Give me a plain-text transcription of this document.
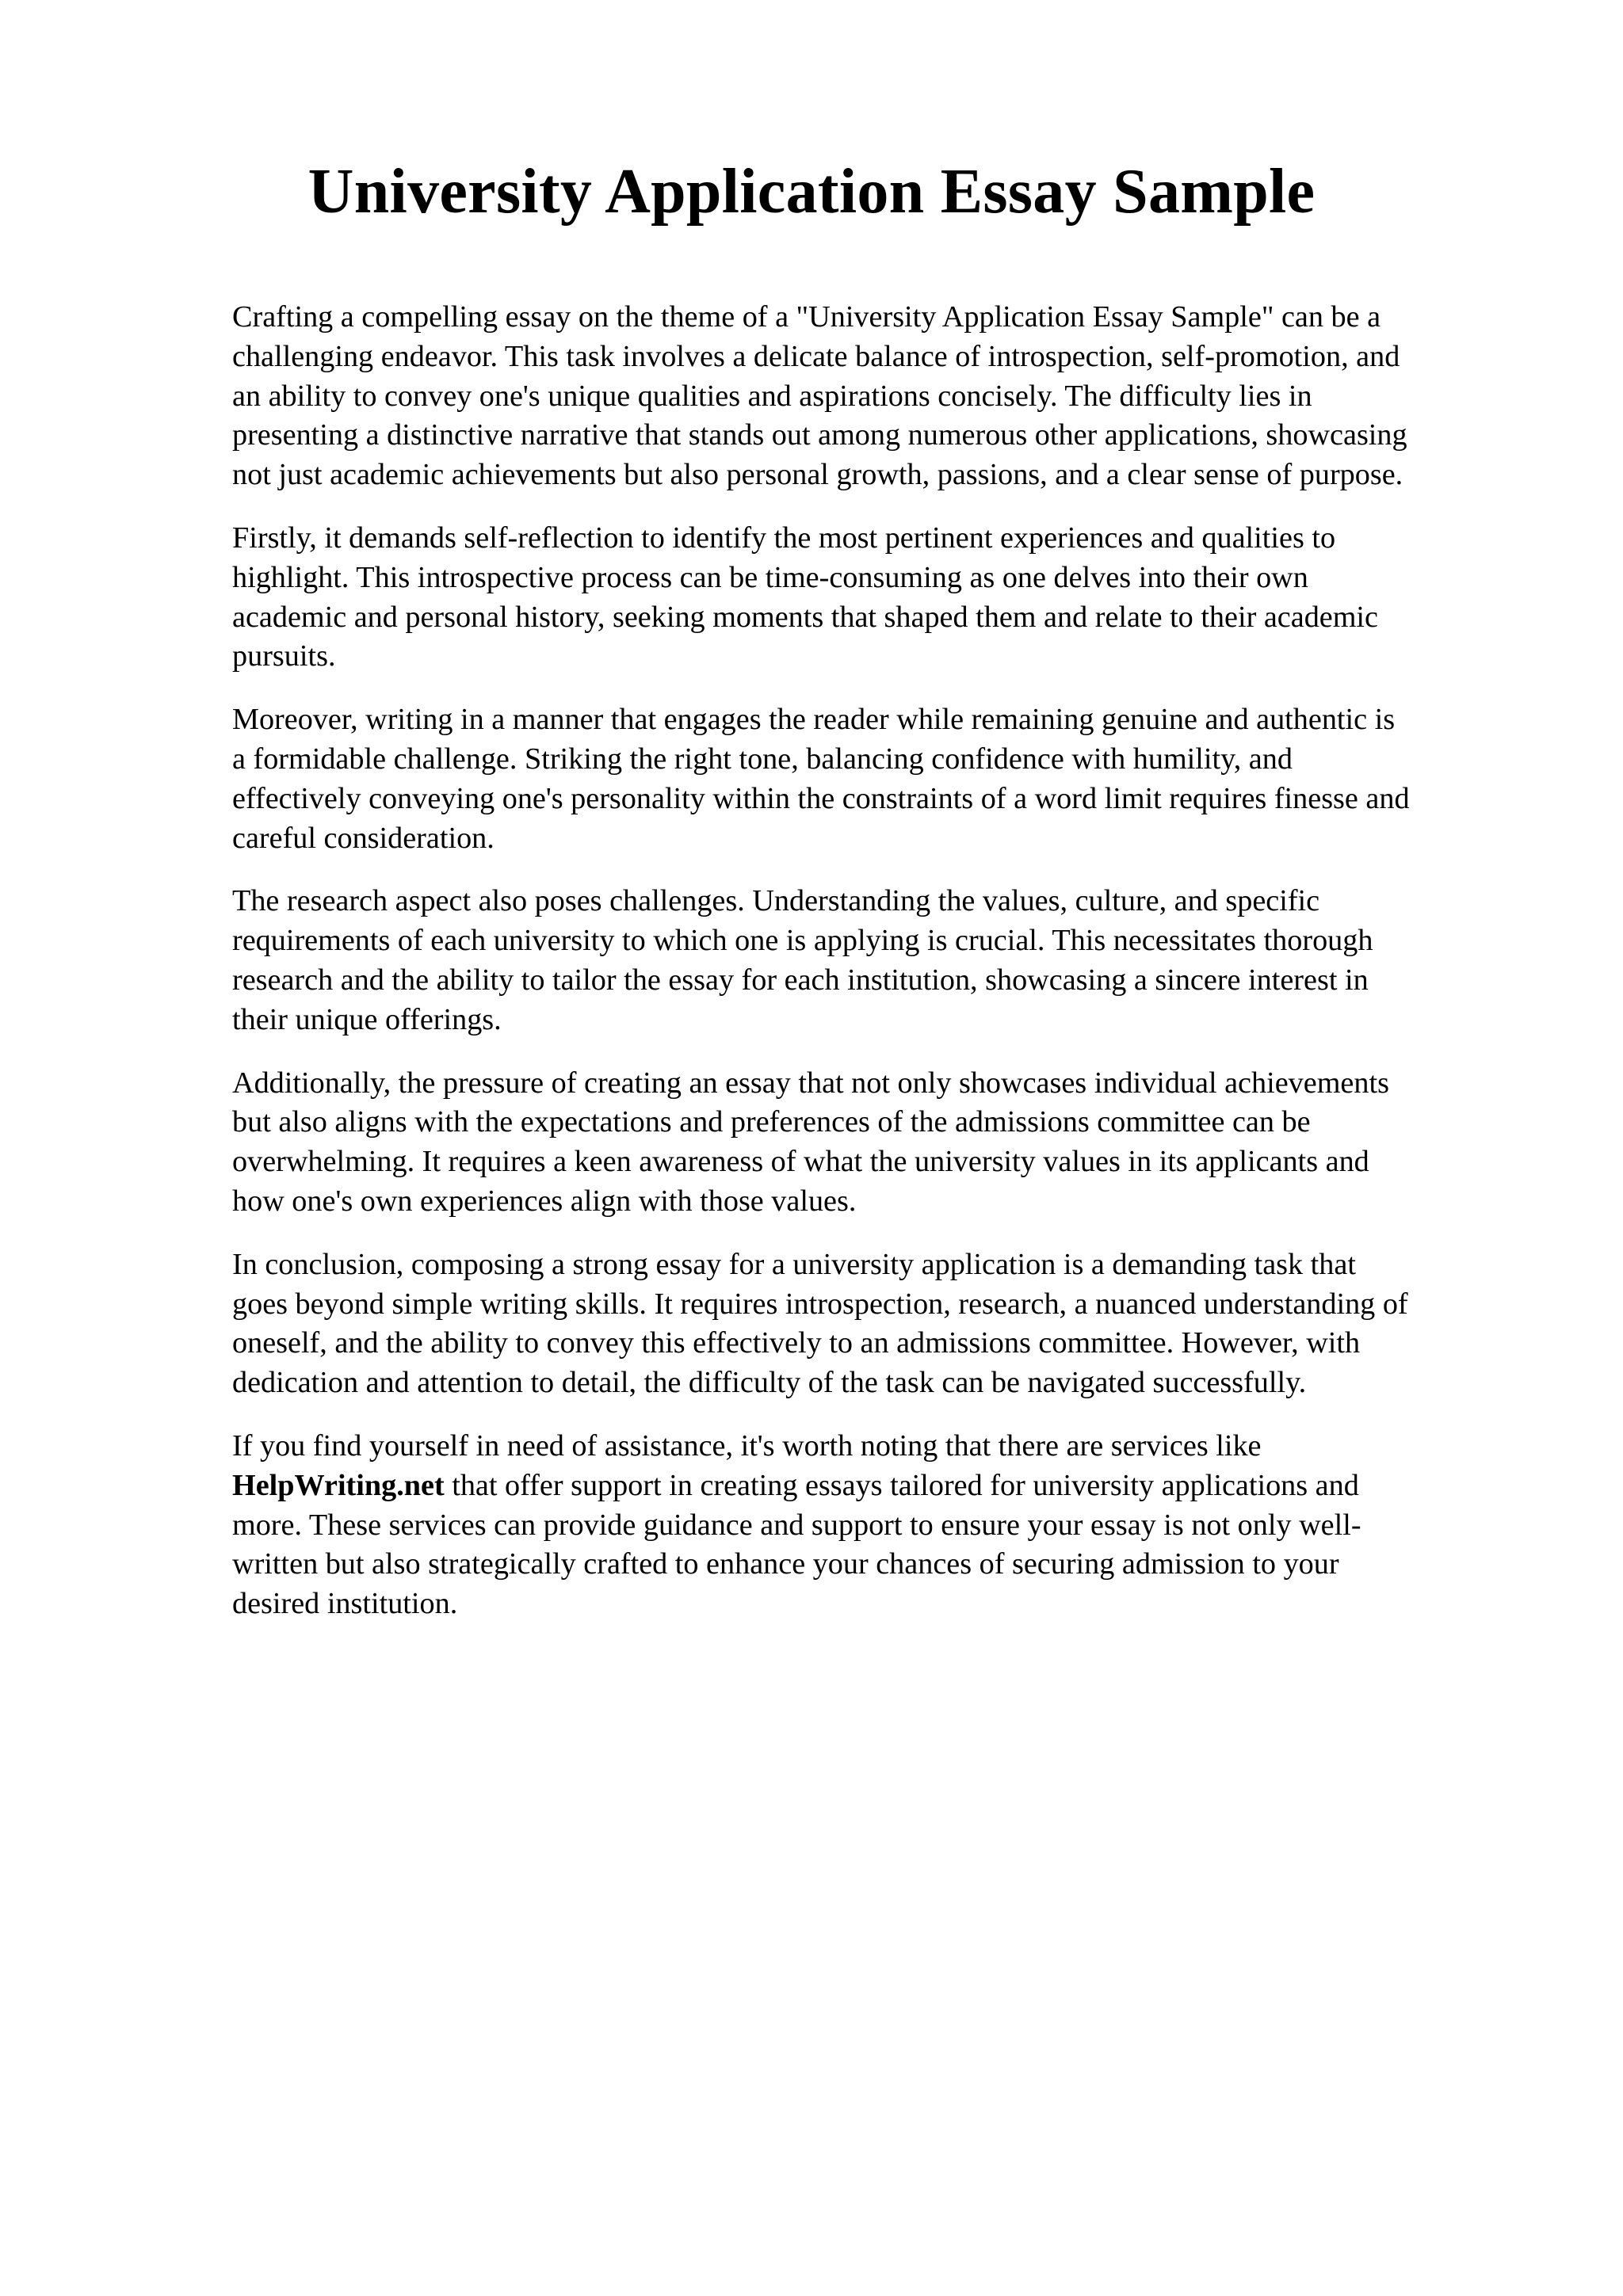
University Application Essay Sample

Crafting a compelling essay on the theme of a "University Application Essay Sample" can be a
challenging endeavor. This task involves a delicate balance of introspection, self-promotion, and
an ability to convey one's unique qualities and aspirations concisely. The difficulty lies in
presenting a distinctive narrative that stands out among numerous other applications, showcasing
not just academic achievements but also personal growth, passions, and a clear sense of purpose.

Firstly, it demands self-reflection to identify the most pertinent experiences and qualities to
highlight. This introspective process can be time-consuming as one delves into their own
academic and personal history, seeking moments that shaped them and relate to their academic
pursuits.

Moreover, writing in a manner that engages the reader while remaining genuine and authentic is
a formidable challenge. Striking the right tone, balancing confidence with humility, and
effectively conveying one's personality within the constraints of a word limit requires finesse and
careful consideration.

The research aspect also poses challenges. Understanding the values, culture, and specific
requirements of each university to which one is applying is crucial. This necessitates thorough
research and the ability to tailor the essay for each institution, showcasing a sincere interest in
their unique offerings.

Additionally, the pressure of creating an essay that not only showcases individual achievements
but also aligns with the expectations and preferences of the admissions committee can be
overwhelming. It requires a keen awareness of what the university values in its applicants and
how one's own experiences align with those values.

In conclusion, composing a strong essay for a university application is a demanding task that
goes beyond simple writing skills. It requires introspection, research, a nuanced understanding of
oneself, and the ability to convey this effectively to an admissions committee. However, with
dedication and attention to detail, the difficulty of the task can be navigated successfully.

If you find yourself in need of assistance, it's worth noting that there are services like
HelpWriting.net that offer support in creating essays tailored for university applications and
more. These services can provide guidance and support to ensure your essay is not only well-
written but also strategically crafted to enhance your chances of securing admission to your
desired institution.
